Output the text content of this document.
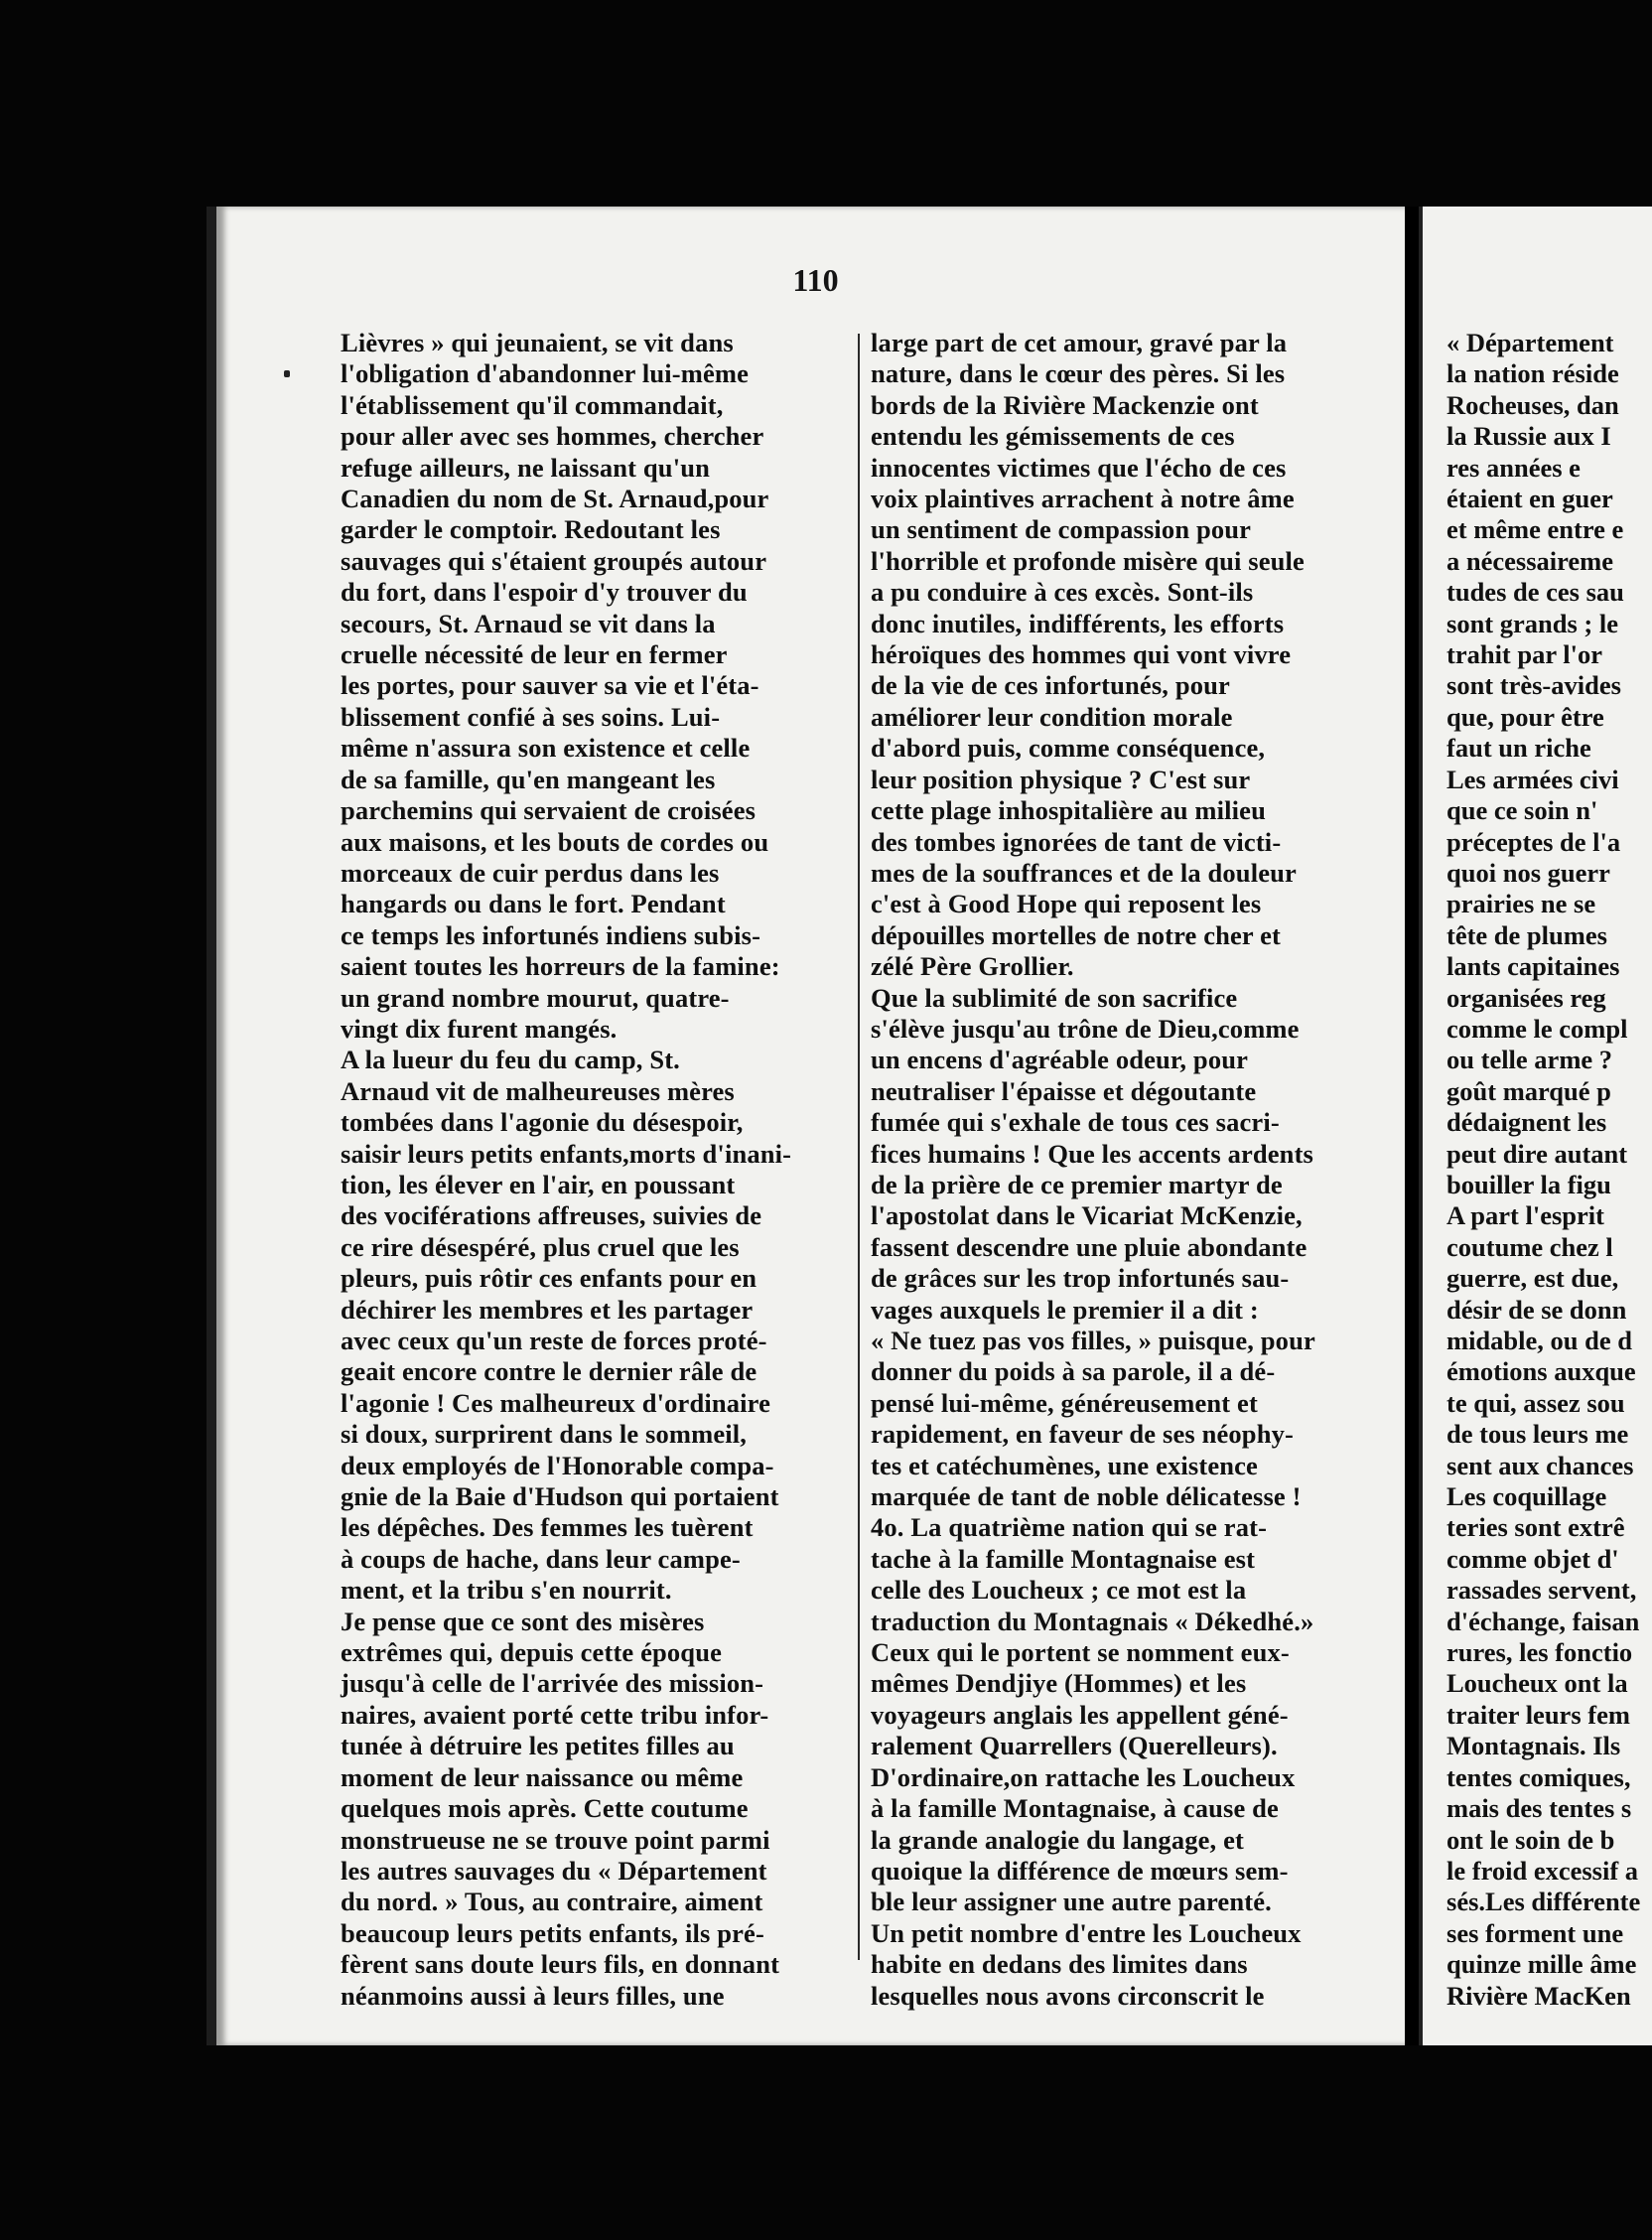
110
Lièvres » qui jeunaient, se vit dans
l'obligation d'abandonner lui-même
l'établissement qu'il commandait,
pour aller avec ses hommes, chercher
refuge ailleurs, ne laissant qu'un
Canadien du nom de St. Arnaud,pour
garder le comptoir. Redoutant les
sauvages qui s'étaient groupés autour
du fort, dans l'espoir d'y trouver du
secours, St. Arnaud se vit dans la
cruelle nécessité de leur en fermer
les portes, pour sauver sa vie et l'éta-
blissement confié à ses soins. Lui-
même n'assura son existence et celle
de sa famille, qu'en mangeant les
parchemins qui servaient de croisées
aux maisons, et les bouts de cordes ou
morceaux de cuir perdus dans les
hangards ou dans le fort. Pendant
ce temps les infortunés indiens subis-
saient toutes les horreurs de la famine:
un grand nombre mourut, quatre-
vingt dix furent mangés.
A la lueur du feu du camp, St.
Arnaud vit de malheureuses mères
tombées dans l'agonie du désespoir,
saisir leurs petits enfants,morts d'inani-
tion, les élever en l'air, en poussant
des vociférations affreuses, suivies de
ce rire désespéré, plus cruel que les
pleurs, puis rôtir ces enfants pour en
déchirer les membres et les partager
avec ceux qu'un reste de forces proté-
geait encore contre le dernier râle de
l'agonie ! Ces malheureux d'ordinaire
si doux, surprirent dans le sommeil,
deux employés de l'Honorable compa-
gnie de la Baie d'Hudson qui portaient
les dépêches. Des femmes les tuèrent
à coups de hache, dans leur campe-
ment, et la tribu s'en nourrit.
Je pense que ce sont des misères
extrêmes qui, depuis cette époque
jusqu'à celle de l'arrivée des mission-
naires, avaient porté cette tribu infor-
tunée à détruire les petites filles au
moment de leur naissance ou même
quelques mois après. Cette coutume
monstrueuse ne se trouve point parmi
les autres sauvages du « Département
du nord. » Tous, au contraire, aiment
beaucoup leurs petits enfants, ils pré-
fèrent sans doute leurs fils, en donnant
néanmoins aussi à leurs filles, une
large part de cet amour, gravé par la
nature, dans le cœur des pères. Si les
bords de la Rivière Mackenzie ont
entendu les gémissements de ces
innocentes victimes que l'écho de ces
voix plaintives arrachent à notre âme
un sentiment de compassion pour
l'horrible et profonde misère qui seule
a pu conduire à ces excès. Sont-ils
donc inutiles, indifférents, les efforts
héroïques des hommes qui vont vivre
de la vie de ces infortunés, pour
améliorer leur condition morale
d'abord puis, comme conséquence,
leur position physique ? C'est sur
cette plage inhospitalière au milieu
des tombes ignorées de tant de victi-
mes de la souffrances et de la douleur
c'est à Good Hope qui reposent les
dépouilles mortelles de notre cher et
zélé Père Grollier.
Que la sublimité de son sacrifice
s'élève jusqu'au trône de Dieu,comme
un encens d'agréable odeur, pour
neutraliser l'épaisse et dégoutante
fumée qui s'exhale de tous ces sacri-
fices humains ! Que les accents ardents
de la prière de ce premier martyr de
l'apostolat dans le Vicariat McKenzie,
fassent descendre une pluie abondante
de grâces sur les trop infortunés sau-
vages auxquels le premier il a dit :
« Ne tuez pas vos filles, » puisque, pour
donner du poids à sa parole, il a dé-
pensé lui-même, généreusement et
rapidement, en faveur de ses néophy-
tes et catéchumènes, une existence
marquée de tant de noble délicatesse !
4o. La quatrième nation qui se rat-
tache à la famille Montagnaise est
celle des Loucheux ; ce mot est la
traduction du Montagnais « Dékedhé.»
Ceux qui le portent se nomment eux-
mêmes Dendjiye (Hommes) et les
voyageurs anglais les appellent géné-
ralement Quarrellers (Querelleurs).
D'ordinaire,on rattache les Loucheux
à la famille Montagnaise, à cause de
la grande analogie du langage, et
quoique la différence de mœurs sem-
ble leur assigner une autre parenté.
Un petit nombre d'entre les Loucheux
habite en dedans des limites dans
lesquelles nous avons circonscrit le
« Département
la nation réside
Rocheuses, dan
la Russie aux I
res années e
étaient en guer
et même entre e
a nécessaireme
tudes de ces sau
sont grands ; le
trahit par l'or
sont très-avides
que, pour être
faut un riche
Les armées civi
que ce soin n'
préceptes de l'a
quoi nos guerr
prairies ne se
tête de plumes
lants capitaines
organisées reg
comme le compl
ou telle arme ?
goût marqué p
dédaignent les
peut dire autant
bouiller la figu
A part l'esprit
coutume chez l
guerre, est due,
désir de se donn
midable, ou de d
émotions auxque
te qui, assez sou
de tous leurs me
sent aux chances
Les coquillage
teries sont extrê
comme objet d'
rassades servent,
d'échange, faisan
rures, les fonctio
Loucheux ont la
traiter leurs fem
Montagnais. Ils
tentes comiques,
mais des tentes s
ont le soin de b
le froid excessif a
sés.Les différente
ses forment une
quinze mille âme
Rivière MacKen
